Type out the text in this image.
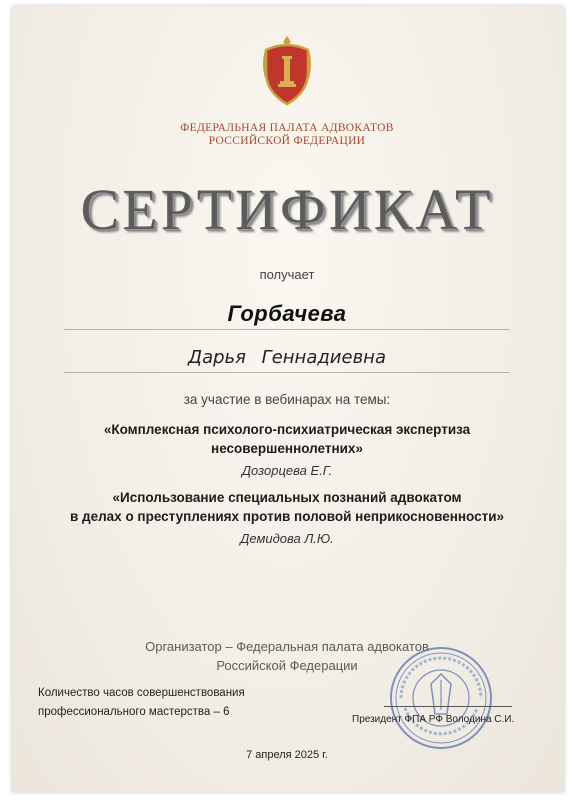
ФЕДЕРАЛЬНАЯ ПАЛАТА АДВОКАТОВ
РОССИЙСКОЙ ФЕДЕРАЦИИ
СЕРТИФИКАТ
получает
Горбачева
Дарья Геннадиевна
за участие в вебинарах на темы:
«Комплексная психолого-психиатрическая экспертиза
несовершеннолетних»
Дозорцева Е.Г.
«Использование специальных познаний адвокатом
в делах о преступлениях против половой неприкосновенности»
Демидова Л.Ю.
Организатор – Федеральная палата адвокатов
Российской Федерации
Количество часов совершенствования
профессионального мастерства – 6
Президент ФПА РФ Володина С.И.
7 апреля 2025 г.
